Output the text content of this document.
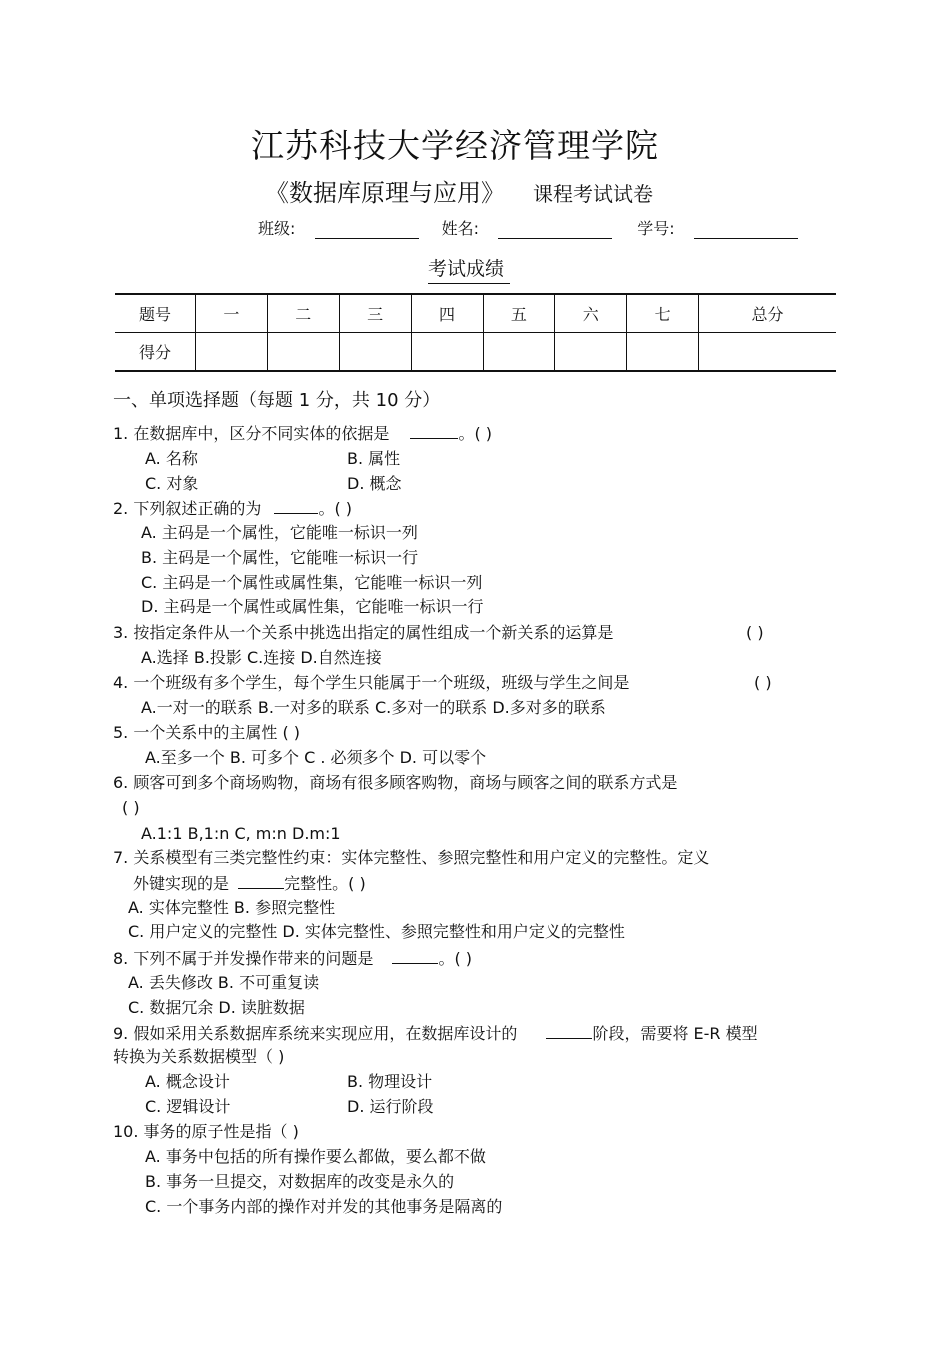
江苏科技大学经济管理学院
《数据库原理与应用》 课程考试试卷
班级:	姓名:	学号:
考试成绩
题号	一	二	三	四	五	六	七	总分
得分								
一、单项选择题（每题 1 分，共 10 分）
1. 在数据库中，区分不同实体的依据是	。( )
A. 名称	B. 属性
C. 对象	D. 概念
2. 下列叙述正确的为	。( )
A. 主码是一个属性，它能唯一标识一列
B. 主码是一个属性，它能唯一标识一行
C. 主码是一个属性或属性集，它能唯一标识一列
D. 主码是一个属性或属性集，它能唯一标识一行
3. 按指定条件从一个关系中挑选出指定的属性组成一个新关系的运算是	( )
A.选择 B.投影 C.连接 D.自然连接
4. 一个班级有多个学生，每个学生只能属于一个班级，班级与学生之间是	( )
A.一对一的联系 B.一对多的联系 C.多对一的联系 D.多对多的联系
5. 一个关系中的主属性 ( )
A.至多一个 B. 可多个 C . 必须多个 D. 可以零个
6. 顾客可到多个商场购物，商场有很多顾客购物，商场与顾客之间的联系方式是
( )
A.1:1 B,1:n C, m:n D.m:1
7. 关系模型有三类完整性约束：实体完整性、参照完整性和用户定义的完整性。定义
外键实现的是	完整性。( )
A. 实体完整性 B. 参照完整性
C. 用户定义的完整性 D. 实体完整性、参照完整性和用户定义的完整性
8. 下列不属于并发操作带来的问题是	。( )
A. 丢失修改 B. 不可重复读
C. 数据冗余 D. 读脏数据
9. 假如采用关系数据库系统来实现应用，在数据库设计的	阶段，需要将 E-R 模型
转换为关系数据模型（ )
A. 概念设计	B. 物理设计
C. 逻辑设计	D. 运行阶段
10. 事务的原子性是指（ )
A. 事务中包括的所有操作要么都做，要么都不做
B. 事务一旦提交，对数据库的改变是永久的
C. 一个事务内部的操作对并发的其他事务是隔离的
